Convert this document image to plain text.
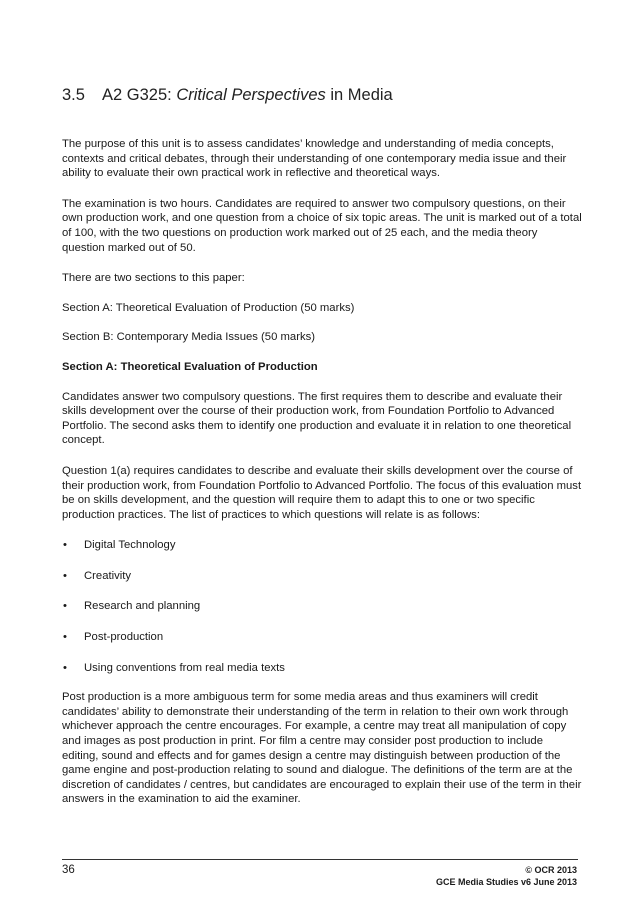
3.5 A2 G325: Critical Perspectives in Media

The purpose of this unit is to assess candidates’ knowledge and understanding of media concepts, contexts and critical debates, through their understanding of one contemporary media issue and their ability to evaluate their own practical work in reflective and theoretical ways.

The examination is two hours. Candidates are required to answer two compulsory questions, on their own production work, and one question from a choice of six topic areas. The unit is marked out of a total of 100, with the two questions on production work marked out of 25 each, and the media theory question marked out of 50.

There are two sections to this paper:

Section A: Theoretical Evaluation of Production (50 marks)

Section B: Contemporary Media Issues (50 marks)

Section A: Theoretical Evaluation of Production

Candidates answer two compulsory questions. The first requires them to describe and evaluate their skills development over the course of their production work, from Foundation Portfolio to Advanced Portfolio. The second asks them to identify one production and evaluate it in relation to one theoretical concept.

Question 1(a) requires candidates to describe and evaluate their skills development over the course of their production work, from Foundation Portfolio to Advanced Portfolio. The focus of this evaluation must be on skills development, and the question will require them to adapt this to one or two specific production practices. The list of practices to which questions will relate is as follows:

• Digital Technology
• Creativity
• Research and planning
• Post-production
• Using conventions from real media texts

Post production is a more ambiguous term for some media areas and thus examiners will credit candidates’ ability to demonstrate their understanding of the term in relation to their own work through whichever approach the centre encourages. For example, a centre may treat all manipulation of copy and images as post production in print. For film a centre may consider post production to include editing, sound and effects and for games design a centre may distinguish between production of the game engine and post-production relating to sound and dialogue. The definitions of the term are at the discretion of candidates / centres, but candidates are encouraged to explain their use of the term in their answers in the examination to aid the examiner.

36	© OCR 2013
GCE Media Studies v6 June 2013
